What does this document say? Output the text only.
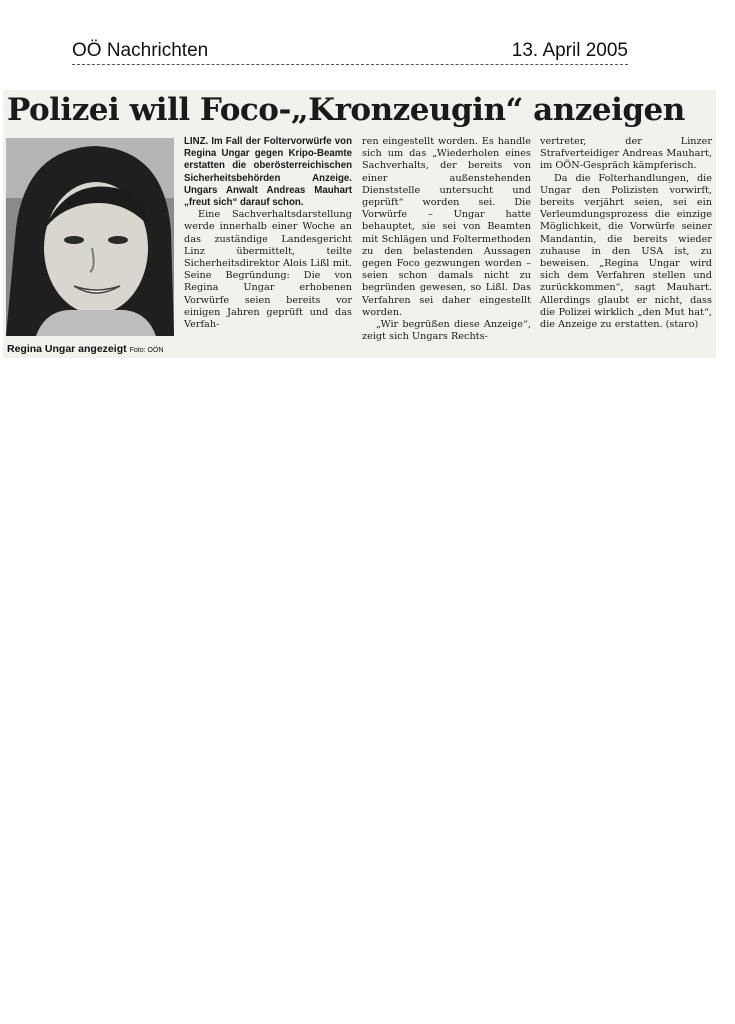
OÖ Nachrichten	13. April 2005
Polizei will Foco-„Kronzeugin“ anzeigen
Regina Ungar angezeigt Foto: OÖN

LINZ. Im Fall der Foltervorwürfe von Regina Ungar gegen Kripo-Beamte erstatten die oberösterreichischen Sicherheitsbehörden Anzeige. Ungars Anwalt Andreas Mauhart „freut sich“ darauf schon.

Eine Sachverhaltsdarstellung werde innerhalb einer Woche an das zuständige Landesgericht Linz übermittelt, teilte Sicherheitsdirektor Alois Lißl mit. Seine Begründung: Die von Regina Ungar erhobenen Vorwürfe seien bereits vor einigen Jahren geprüft und das Verfah-

ren eingestellt worden. Es handle sich um das „Wiederholen eines Sachverhalts, der bereits von einer außenstehenden Dienststelle untersucht und geprüft“ worden sei. Die Vorwürfe – Ungar hatte behauptet, sie sei von Beamten mit Schlägen und Foltermethoden zu den belastenden Aussagen gegen Foco gezwungen worden – seien schon damals nicht zu begründen gewesen, so Lißl. Das Verfahren sei daher eingestellt worden.

„Wir begrüßen diese Anzeige“, zeigt sich Ungars Rechts-

vertreter, der Linzer Strafverteidiger Andreas Mauhart, im OÖN-Gespräch kämpferisch.

Da die Folterhandlungen, die Ungar den Polizisten vorwirft, bereits verjährt seien, sei ein Verleumdungsprozess die einzige Möglichkeit, die Vorwürfe seiner Mandantin, die bereits wieder zuhause in den USA ist, zu beweisen. „Regina Ungar wird sich dem Verfahren stellen und zurückkommen“, sagt Mauhart. Allerdings glaubt er nicht, dass die Polizei wirklich „den Mut hat“, die Anzeige zu erstatten. (staro)
